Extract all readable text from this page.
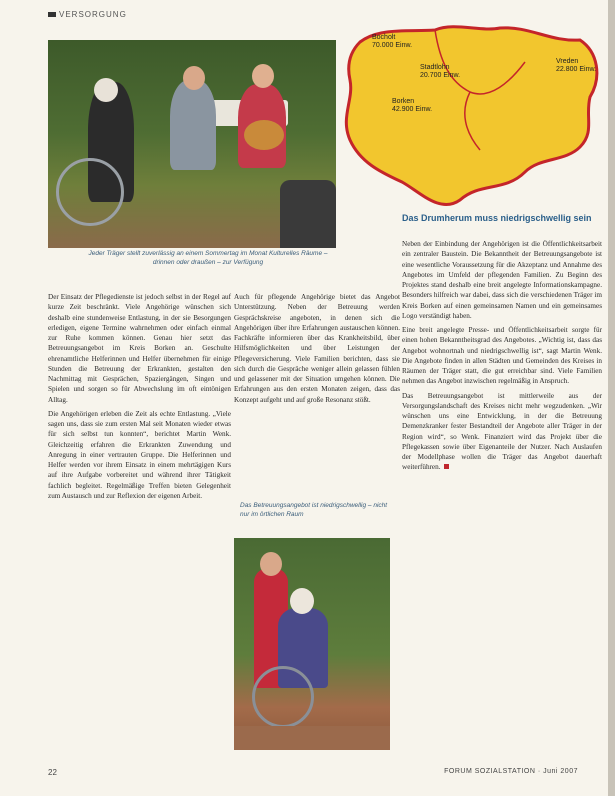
VERSORGUNG
Jeder Träger stellt zuverlässig an einem Sommertag im Monat Kulturelles Räume – drinnen oder draußen – zur Verfügung
Bocholt
70.000 Einw.
Stadtlohn
20.700 Einw.
Vreden
22.800 Einw.
Borken
42.900 Einw.
Das Drumherum muss niedrigschwellig sein

Neben der Einbindung der Angehörigen ist die Öffentlichkeitsarbeit ein zentraler Baustein. Die Bekanntheit der Betreuungsangebote ist eine wesentliche Voraussetzung für die Akzeptanz und Annahme des Angebotes im Umfeld der pflegenden Familien. Zu Beginn des Projektes stand deshalb eine breit angelegte Informationskampagne. Besonders hilfreich war dabei, dass sich die verschiedenen Träger im Kreis Borken auf einen gemeinsamen Namen und ein gemeinsames Logo verständigt haben.

Eine breit angelegte Presse- und Öffentlichkeitsarbeit sorgte für einen hohen Bekanntheitsgrad des Angebotes. „Wichtig ist, dass das Angebot wohnortnah und niedrigschwellig ist“, sagt Martin Wenk. Die Angebote finden in allen Städten und Gemeinden des Kreises in Räumen der Träger statt, die gut erreichbar sind. Viele Familien nehmen das Angebot inzwischen regelmäßig in Anspruch.

Das Betreuungsangebot ist mittlerweile aus der Versorgungslandschaft des Kreises nicht mehr wegzudenken. „Wir wünschen uns eine Entwicklung, in der die Betreuung Demenzkranker fester Bestandteil der Angebote aller Träger in der Region wird“, so Wenk. Finanziert wird das Projekt über die Pflegekassen sowie über Eigenanteile der Nutzer. Nach Auslaufen der Modellphase wollen die Träger das Angebot dauerhaft weiterführen.

Der Einsatz der Pflegedienste ist jedoch selbst in der Regel auf kurze Zeit beschränkt. Viele Angehörige wünschen sich deshalb eine stundenweise Entlastung, in der sie Besorgungen erledigen, eigene Termine wahrnehmen oder einfach einmal zur Ruhe kommen können. Genau hier setzt das Betreuungsangebot im Kreis Borken an. Geschulte ehrenamtliche Helferinnen und Helfer übernehmen für einige Stunden die Betreuung der Erkrankten, gestalten den Nachmittag mit Gesprächen, Spaziergängen, Singen und Spielen und sorgen so für Abwechslung im oft eintönigen Alltag.

Die Angehörigen erleben die Zeit als echte Entlastung. „Viele sagen uns, dass sie zum ersten Mal seit Monaten wieder etwas für sich selbst tun konnten“, berichtet Martin Wenk. Gleichzeitig erfahren die Erkrankten Zuwendung und Anregung in einer vertrauten Gruppe. Die Helferinnen und Helfer werden vor ihrem Einsatz in einem mehrtägigen Kurs auf ihre Aufgabe vorbereitet und während ihrer Tätigkeit fachlich begleitet. Regelmäßige Treffen bieten Gelegenheit zum Austausch und zur Reflexion der eigenen Arbeit.

Auch für pflegende Angehörige bietet das Angebot Unterstützung. Neben der Betreuung werden Gesprächskreise angeboten, in denen sich die Angehörigen über ihre Erfahrungen austauschen können. Fachkräfte informieren über das Krankheitsbild, über Hilfsmöglichkeiten und über Leistungen der Pflegeversicherung. Viele Familien berichten, dass sie sich durch die Gespräche weniger allein gelassen fühlen und gelassener mit der Situation umgehen können. Die Erfahrungen aus den ersten Monaten zeigen, dass das Konzept aufgeht und auf große Resonanz stößt.

Das Betreuungsangebot ist niedrigschwellig – nicht nur im örtlichen Raum
22	FORUM SOZIALSTATION · Juni 2007
